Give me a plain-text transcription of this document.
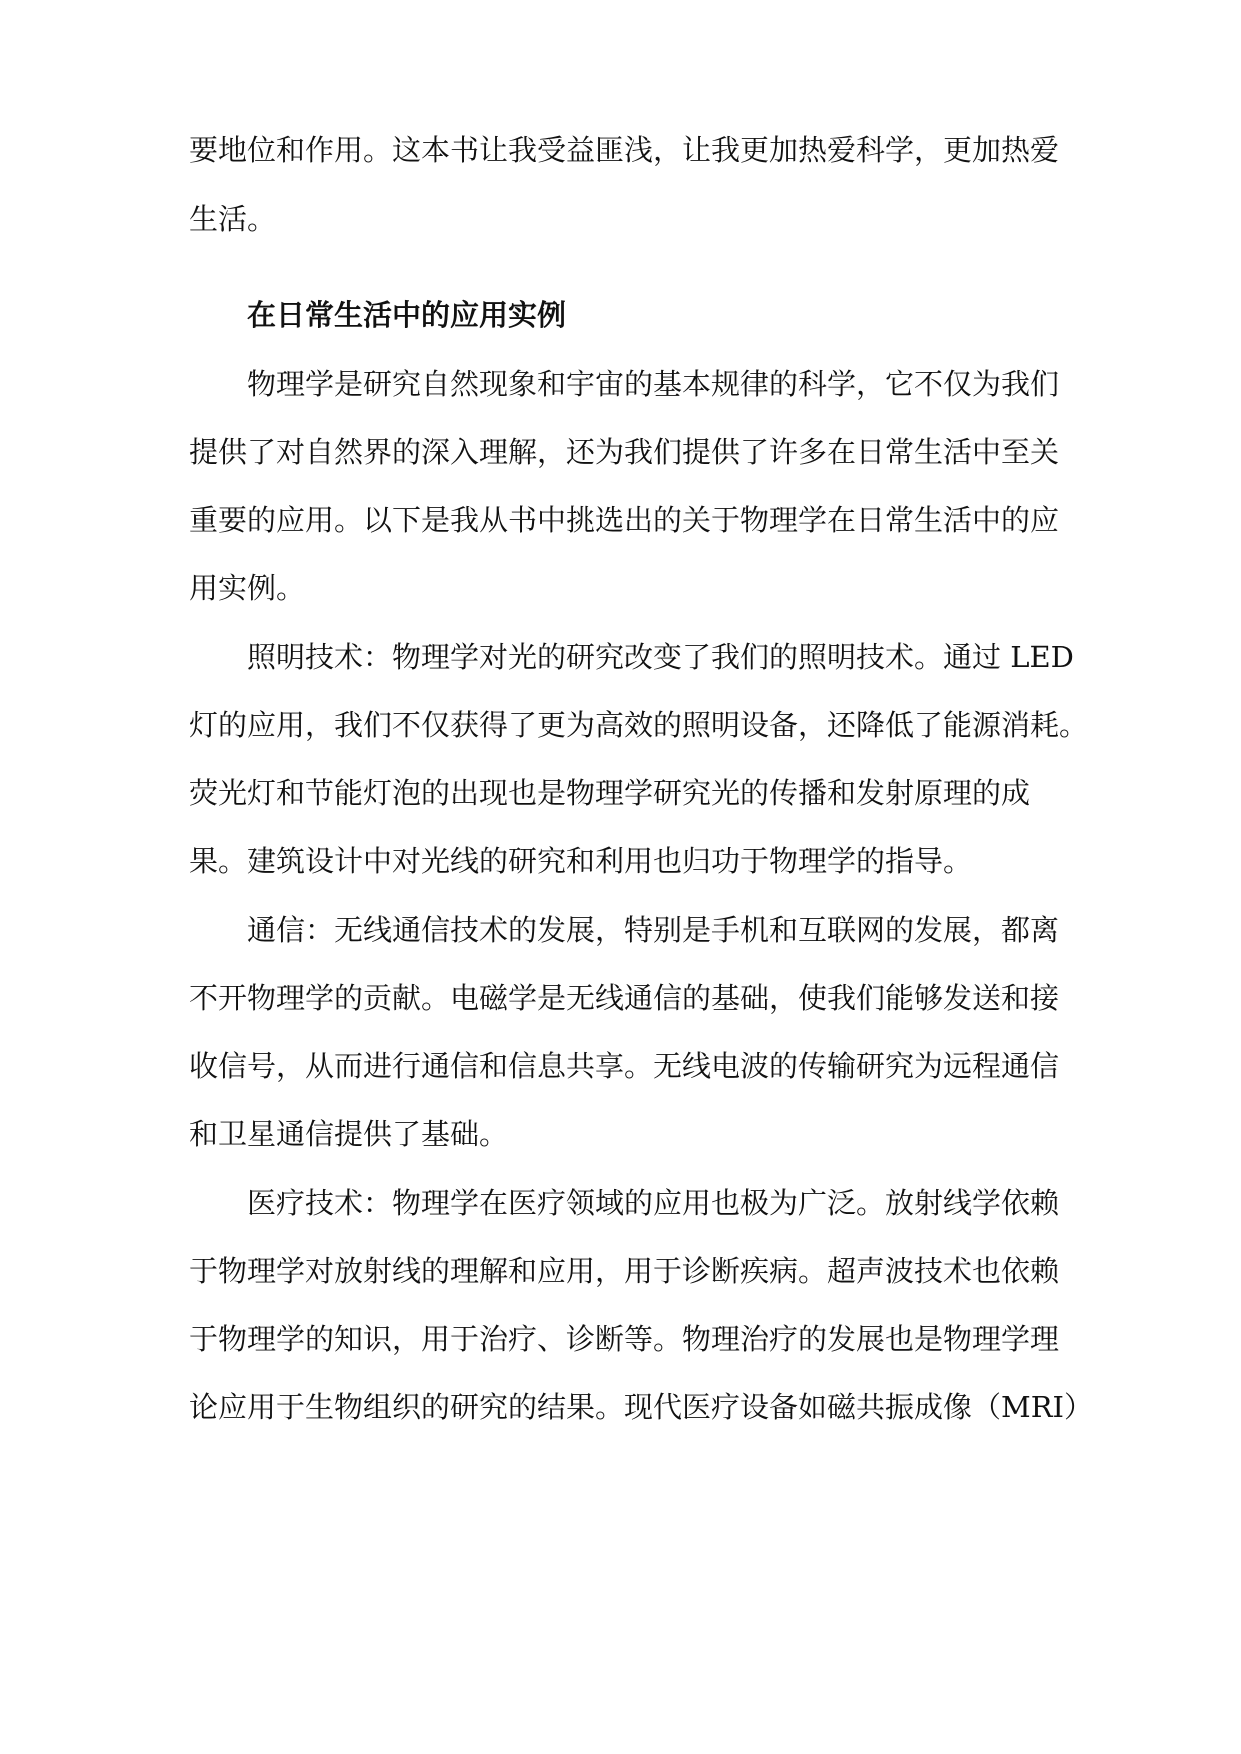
要地位和作用。这本书让我受益匪浅，让我更加热爱科学，更加热爱
生活。
在日常生活中的应用实例
物理学是研究自然现象和宇宙的基本规律的科学，它不仅为我们
提供了对自然界的深入理解，还为我们提供了许多在日常生活中至关
重要的应用。以下是我从书中挑选出的关于物理学在日常生活中的应
用实例。
照明技术：物理学对光的研究改变了我们的照明技术。通过 LED
灯的应用，我们不仅获得了更为高效的照明设备，还降低了能源消耗。
荧光灯和节能灯泡的出现也是物理学研究光的传播和发射原理的成
果。建筑设计中对光线的研究和利用也归功于物理学的指导。
通信：无线通信技术的发展，特别是手机和互联网的发展，都离
不开物理学的贡献。电磁学是无线通信的基础，使我们能够发送和接
收信号，从而进行通信和信息共享。无线电波的传输研究为远程通信
和卫星通信提供了基础。
医疗技术：物理学在医疗领域的应用也极为广泛。放射线学依赖
于物理学对放射线的理解和应用，用于诊断疾病。超声波技术也依赖
于物理学的知识，用于治疗、诊断等。物理治疗的发展也是物理学理
论应用于生物组织的研究的结果。现代医疗设备如磁共振成像（MRI）
